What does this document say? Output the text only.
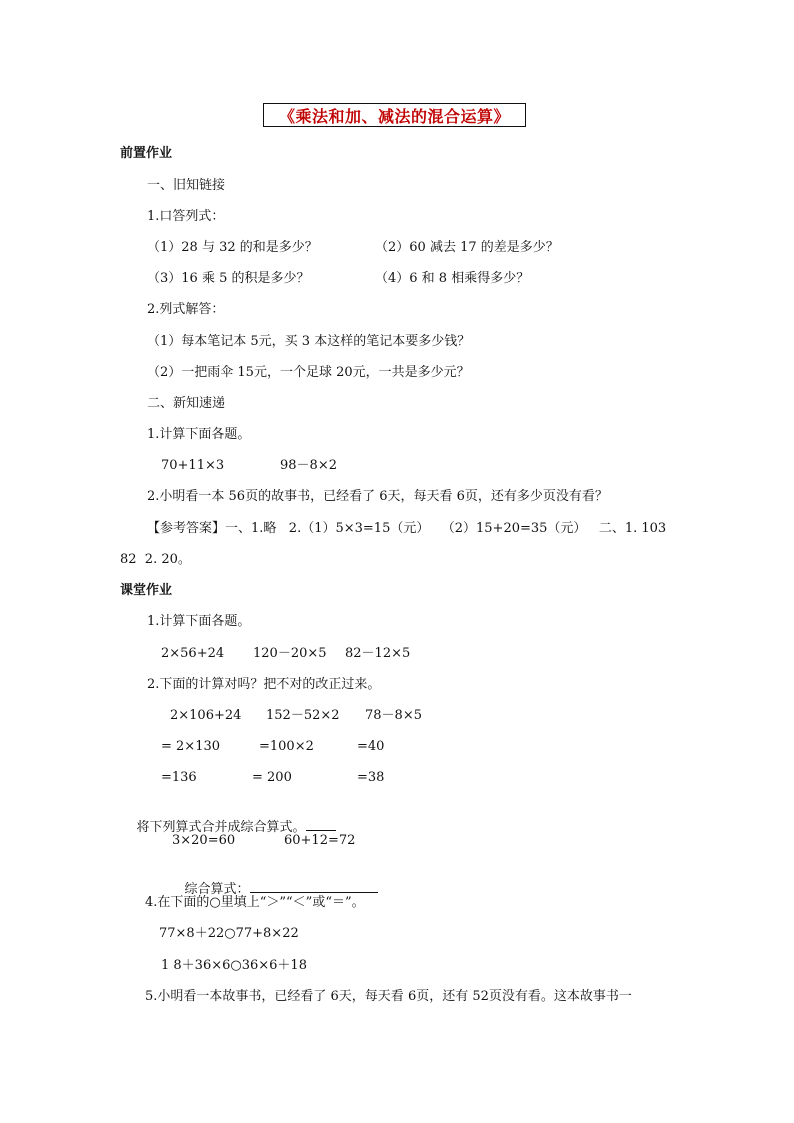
《乘法和加、减法的混合运算》
前置作业
一、旧知链接
1.口答列式：
（1）28 与 32 的和是多少？	（2）60 减去 17 的差是多少？
（3）16 乘 5 的积是多少？	（4）6 和 8 相乘得多少？
2.列式解答：
（1）每本笔记本 5元，买 3 本这样的笔记本要多少钱？
（2）一把雨伞 15元，一个足球 20元，一共是多少元？
二、新知速递
1.计算下面各题。
70+11×3	98－8×2
2.小明看一本 56页的故事书，已经看了 6天，每天看 6页，还有多少页没有看？
【参考答案】一、1.略   2.（1）5×3=15（元）   （2）15+20=35（元）   二、1. 103
82  2. 20。
课堂作业
1.计算下面各题。
2×56+24 120－20×5 82－12×5
2.下面的计算对吗？把不对的改正过来。
2×106+24 152－52×2 78－8×5
= 2×130	=100×2	=40
=136	= 200	=38

将下列算式合并成综合算式。

3×20=60	60+12=72

综合算式：

4.在下面的○里填上“＞”“＜”或“＝”。
77×8＋22○77+8×22
1 8＋36×6○36×6＋18
5.小明看一本故事书，已经看了 6天，每天看 6页，还有 52页没有看。这本故事书一
